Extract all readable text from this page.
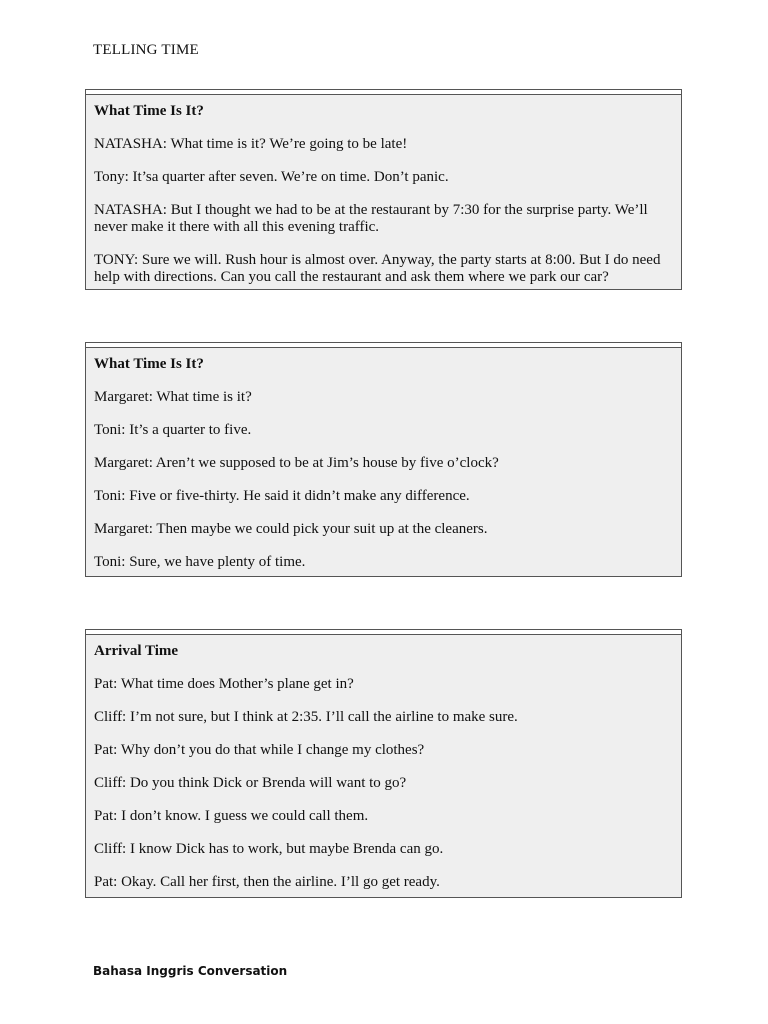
TELLING TIME
What Time Is It?
NATASHA: What time is it? We’re going to be late!
Tony: It’sa quarter after seven. We’re on time. Don’t panic.
NATASHA: But I thought we had to be at the restaurant by 7:30 for the surprise party. We’ll never make it there with all this evening traffic.
TONY: Sure we will. Rush hour is almost over. Anyway, the party starts at 8:00. But I do need help with directions. Can you call the restaurant and ask them where we park our car?
What Time Is It?
Margaret: What time is it?
Toni: It’s a quarter to five.
Margaret: Aren’t we supposed to be at Jim’s house by five o’clock?
Toni: Five or five-thirty. He said it didn’t make any difference.
Margaret: Then maybe we could pick your suit up at the cleaners.
Toni: Sure, we have plenty of time.
Arrival Time
Pat: What time does Mother’s plane get in?
Cliff: I’m not sure, but I think at 2:35. I’ll call the airline to make sure.
Pat: Why don’t you do that while I change my clothes?
Cliff: Do you think Dick or Brenda will want to go?
Pat: I don’t know. I guess we could call them.
Cliff: I know Dick has to work, but maybe Brenda can go.
Pat: Okay. Call her first, then the airline. I’ll go get ready.
Bahasa Inggris Conversation
